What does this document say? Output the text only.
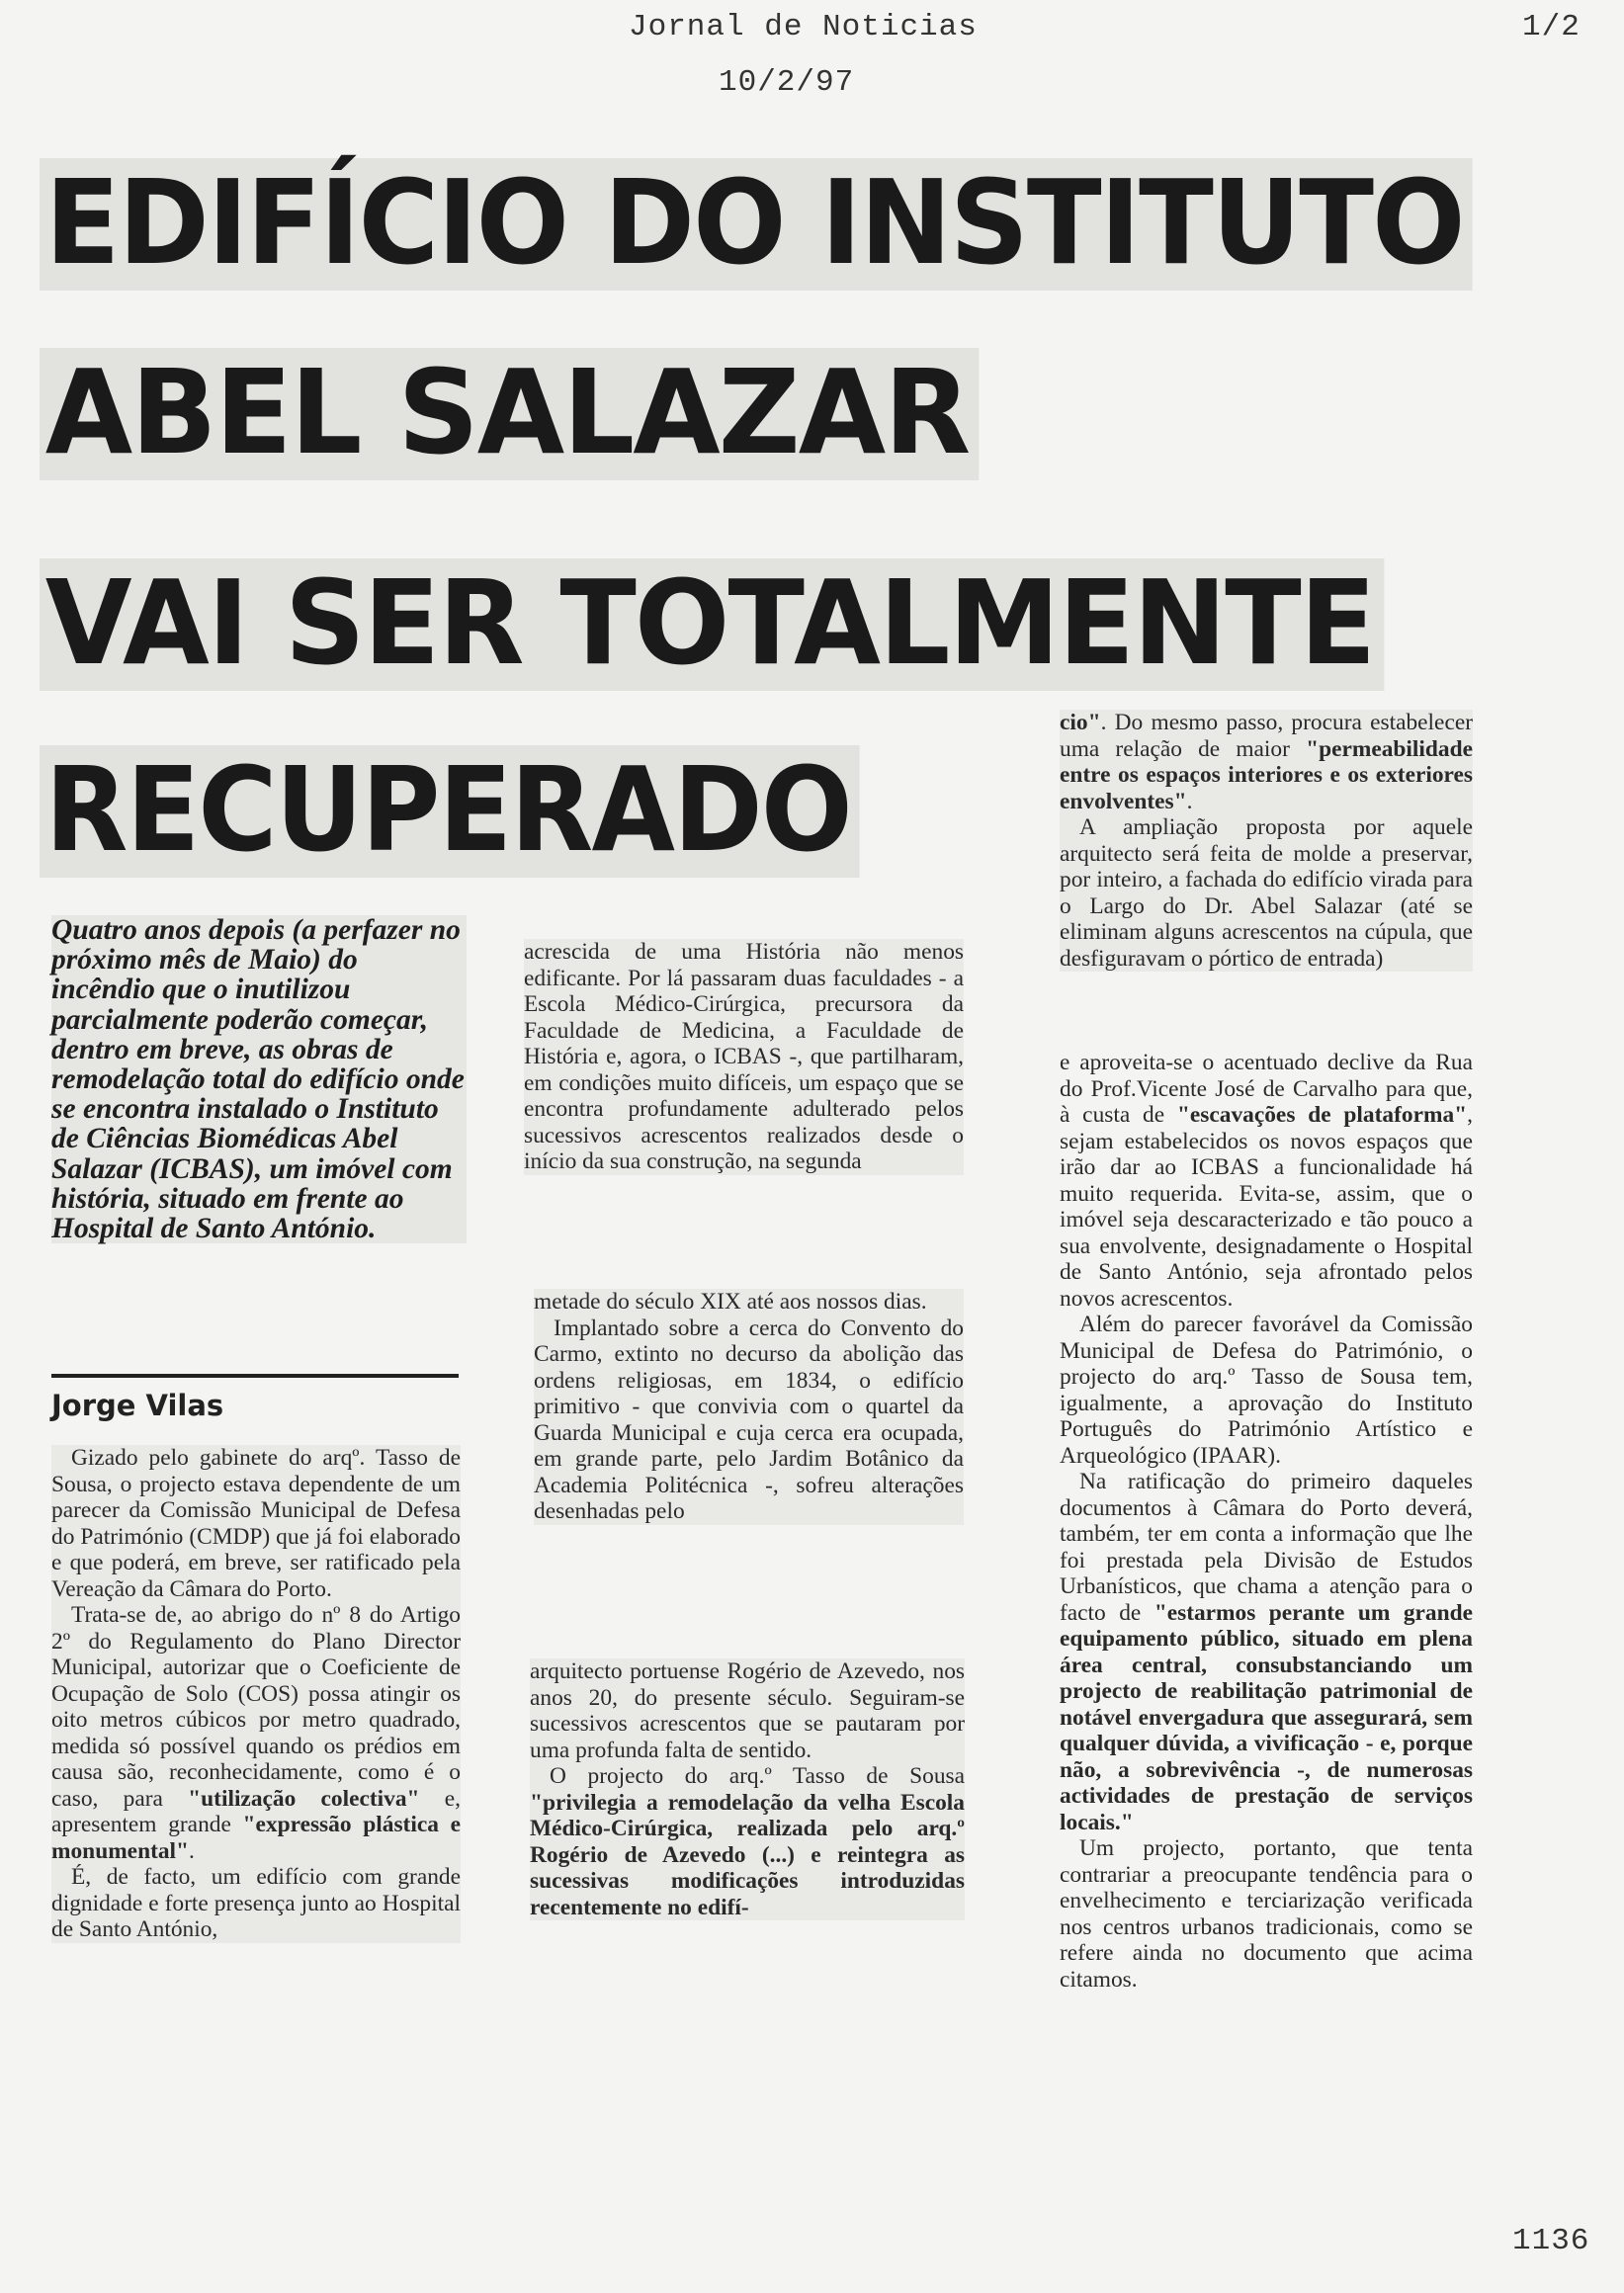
Jornal de Noticias
10/2/97
1/2
EDIFÍCIO DO INSTITUTO
ABEL SALAZAR
VAI SER TOTALMENTE
RECUPERADO
Quatro anos depois (a perfazer no próximo mês de Maio) do incêndio que o inutilizou parcialmente poderão começar, dentro em breve, as obras de remodelação total do edifício onde se encontra instalado o Instituto de Ciências Biomédicas Abel Salazar (ICBAS), um imóvel com história, situado em frente ao Hospital de Santo António.
Jorge Vilas

Gizado pelo gabinete do arqº. Tasso de Sousa, o projecto estava dependente de um parecer da Comissão Municipal de Defesa do Património (CMDP) que já foi elaborado e que poderá, em breve, ser ratificado pela Vereação da Câmara do Porto.

Trata-se de, ao abrigo do nº 8 do Artigo 2º do Regulamento do Plano Director Municipal, autorizar que o Coeficiente de Ocupação de Solo (COS) possa atingir os oito metros cúbicos por metro quadrado, medida só possível quando os prédios em causa são, reconhecidamente, como é o caso, para "utilização colectiva" e, apresentem grande "expressão plástica e monumental".

É, de facto, um edifício com grande dignidade e forte presença junto ao Hospital de Santo António,

acrescida de uma História não menos edificante. Por lá passaram duas faculdades - a Escola Médico-Cirúrgica, precursora da Faculdade de Medicina, a Faculdade de História e, agora, o ICBAS -, que partilharam, em condições muito difíceis, um espaço que se encontra profundamente adulterado pelos sucessivos acrescentos realizados desde o início da sua construção, na segunda

metade do século XIX até aos nossos dias.

Implantado sobre a cerca do Convento do Carmo, extinto no decurso da abolição das ordens religiosas, em 1834, o edifício primitivo - que convivia com o quartel da Guarda Municipal e cuja cerca era ocupada, em grande parte, pelo Jardim Botânico da Academia Politécnica -, sofreu alterações desenhadas pelo

arquitecto portuense Rogério de Azevedo, nos anos 20, do presente século. Seguiram-se sucessivos acrescentos que se pautaram por uma profunda falta de sentido.

O projecto do arq.º Tasso de Sousa "privilegia a remodelação da velha Escola Médico-Cirúrgica, realizada pelo arq.º Rogério de Azevedo (...) e reintegra as sucessivas modificações introduzidas recentemente no edifí-

cio". Do mesmo passo, procura estabelecer uma relação de maior "permeabilidade entre os espaços interiores e os exteriores envolventes".

A ampliação proposta por aquele arquitecto será feita de molde a preservar, por inteiro, a fachada do edifício virada para o Largo do Dr. Abel Salazar (até se eliminam alguns acrescentos na cúpula, que desfiguravam o pórtico de entrada)

e aproveita-se o acentuado declive da Rua do Prof.Vicente José de Carvalho para que, à custa de "escavações de plataforma", sejam estabelecidos os novos espaços que irão dar ao ICBAS a funcionalidade há muito requerida. Evita-se, assim, que o imóvel seja descaracterizado e tão pouco a sua envolvente, designadamente o Hospital de Santo António, seja afrontado pelos novos acrescentos.

Além do parecer favorável da Comissão Municipal de Defesa do Património, o projecto do arq.º Tasso de Sousa tem, igualmente, a aprovação do Instituto Português do Património Artístico e Arqueológico (IPAAR).

Na ratificação do primeiro daqueles documentos à Câmara do Porto deverá, também, ter em conta a informação que lhe foi prestada pela Divisão de Estudos Urbanísticos, que chama a atenção para o facto de "estarmos perante um grande equipamento público, situado em plena área central, consubstanciando um projecto de reabilitação patrimonial de notável envergadura que assegurará, sem qualquer dúvida, a vivificação - e, porque não, a sobrevivência -, de numerosas actividades de prestação de serviços locais."

Um projecto, portanto, que tenta contrariar a preocupante tendência para o envelhecimento e terciarização verificada nos centros urbanos tradicionais, como se refere ainda no documento que acima citamos.

1136
